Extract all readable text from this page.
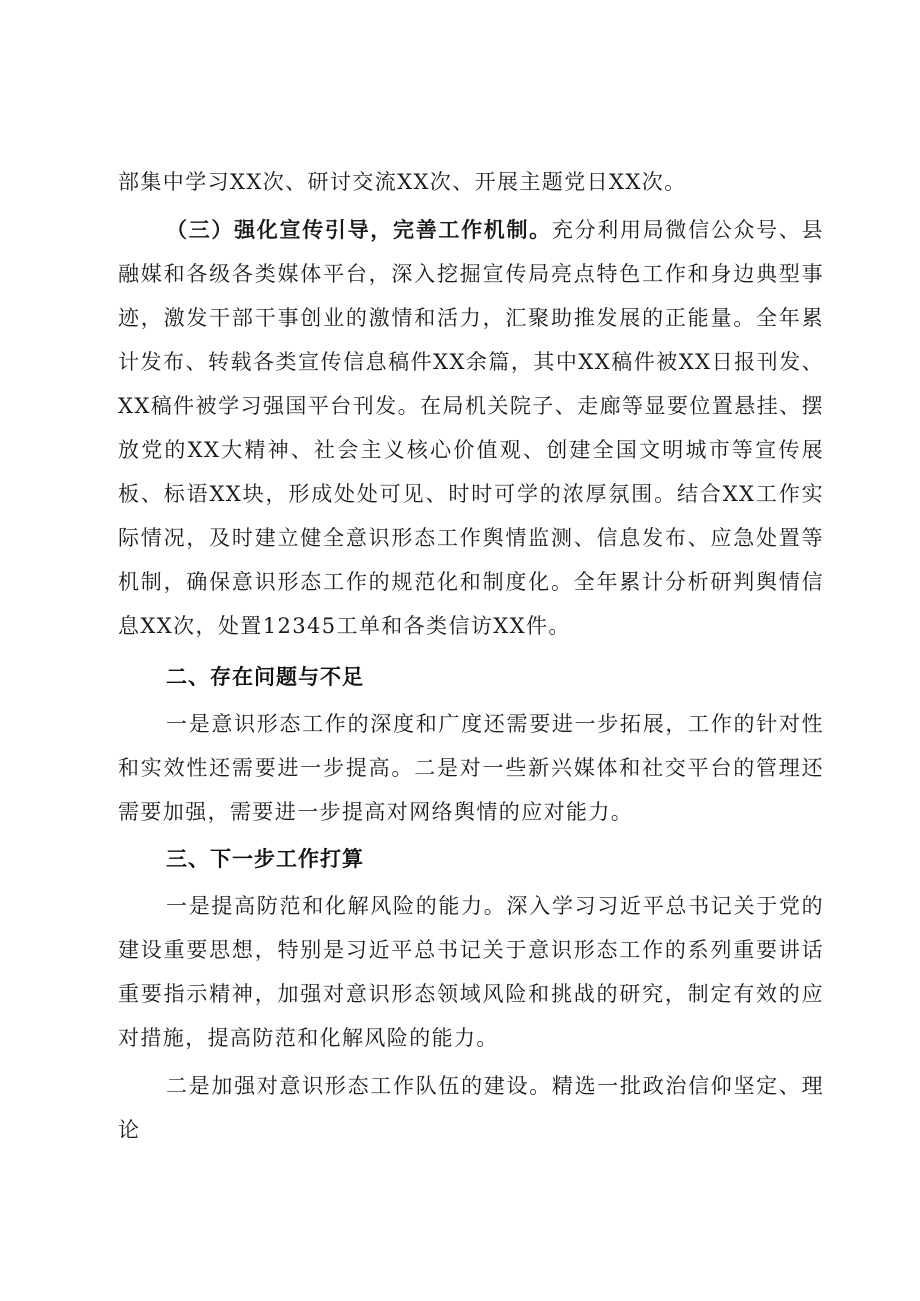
部集中学习XX次、研讨交流XX次、开展主题党日XX次。

（三）强化宣传引导，完善工作机制。充分利用局微信公众号、县融媒和各级各类媒体平台，深入挖掘宣传局亮点特色工作和身边典型事迹，激发干部干事创业的激情和活力，汇聚助推发展的正能量。全年累计发布、转载各类宣传信息稿件XX余篇，其中XX稿件被XX日报刊发、XX稿件被学习强国平台刊发。在局机关院子、走廊等显要位置悬挂、摆放党的XX大精神、社会主义核心价值观、创建全国文明城市等宣传展板、标语XX块，形成处处可见、时时可学的浓厚氛围。结合XX工作实际情况，及时建立健全意识形态工作舆情监测、信息发布、应急处置等机制，确保意识形态工作的规范化和制度化。全年累计分析研判舆情信息XX次，处置12345工单和各类信访XX件。

二、存在问题与不足

一是意识形态工作的深度和广度还需要进一步拓展，工作的针对性和实效性还需要进一步提高。二是对一些新兴媒体和社交平台的管理还需要加强，需要进一步提高对网络舆情的应对能力。

三、下一步工作打算

一是提高防范和化解风险的能力。深入学习习近平总书记关于党的建设重要思想，特别是习近平总书记关于意识形态工作的系列重要讲话重要指示精神，加强对意识形态领域风险和挑战的研究，制定有效的应对措施，提高防范和化解风险的能力。

二是加强对意识形态工作队伍的建设。精选一批政治信仰坚定、理论
